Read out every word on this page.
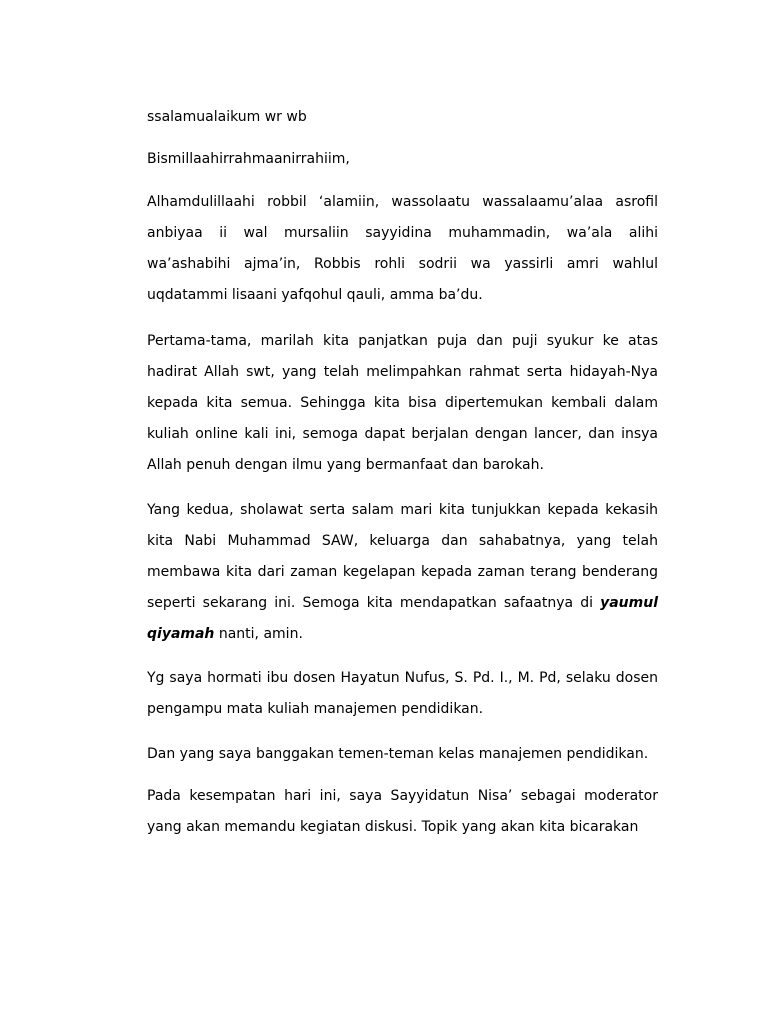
ssalamualaikum wr wb

Bismillaahirrahmaanirrahiim,

Alhamdulillaahi robbil ‘alamiin, wassolaatu wassalaamu’alaa asrofil anbiyaa ii wal mursaliin sayyidina muhammadin, wa’ala alihi wa’ashabihi ajma’in, Robbis rohli sodrii wa yassirli amri wahlul uqdatammi lisaani yafqohul qauli, amma ba’du.

Pertama-tama, marilah kita panjatkan puja dan puji syukur ke atas hadirat Allah swt, yang telah melimpahkan rahmat serta hidayah-Nya kepada kita semua. Sehingga kita bisa dipertemukan kembali dalam kuliah online kali ini, semoga dapat berjalan dengan lancer, dan insya Allah penuh dengan ilmu yang bermanfaat dan barokah.

Yang kedua, sholawat serta salam mari kita tunjukkan kepada kekasih kita Nabi Muhammad SAW, keluarga dan sahabatnya, yang telah membawa kita dari zaman kegelapan kepada zaman terang benderang seperti sekarang ini. Semoga kita mendapatkan safaatnya di yaumul qiyamah nanti, amin.

Yg saya hormati ibu dosen Hayatun Nufus, S. Pd. I., M. Pd, selaku dosen pengampu mata kuliah manajemen pendidikan.

Dan yang saya banggakan temen-teman kelas manajemen pendidikan.

Pada kesempatan hari ini, saya Sayyidatun Nisa’ sebagai moderator yang akan memandu kegiatan diskusi. Topik yang akan kita bicarakan
